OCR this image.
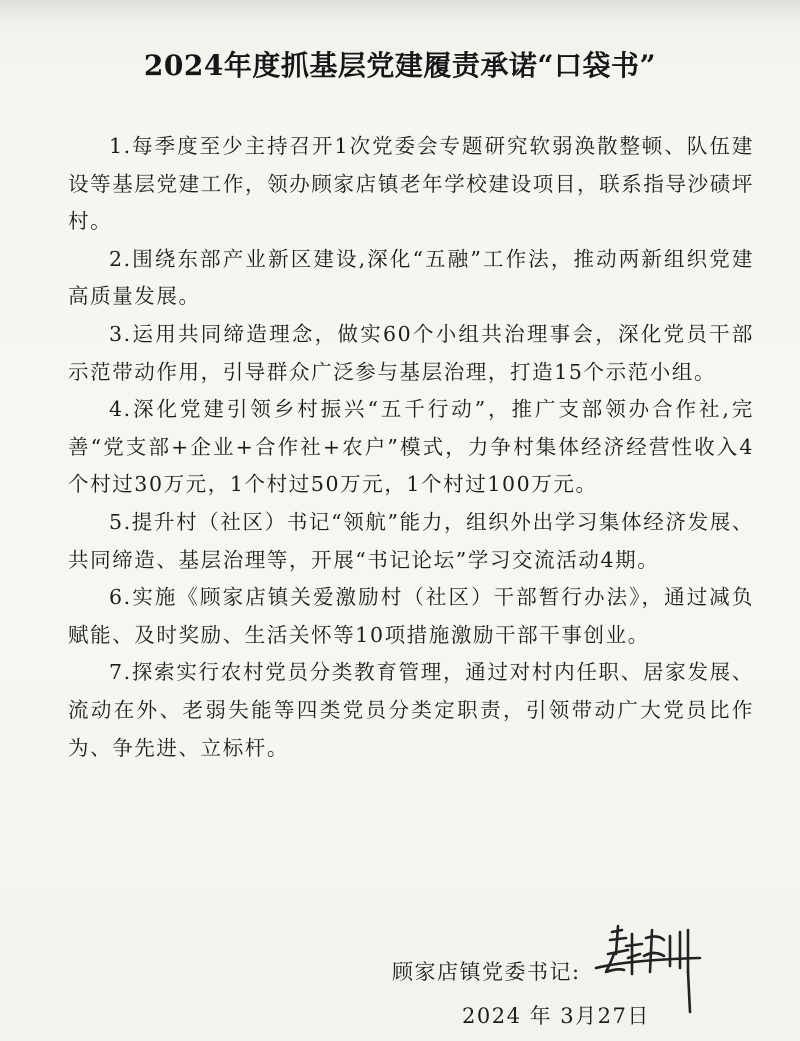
2024年度抓基层党建履责承诺“口袋书”

1.每季度至少主持召开1次党委会专题研究软弱涣散整顿、队伍建设等基层党建工作，领办顾家店镇老年学校建设项目，联系指导沙碛坪村。

2.围绕东部产业新区建设,深化“五融”工作法，推动两新组织党建高质量发展。

3.运用共同缔造理念，做实60个小组共治理事会，深化党员干部示范带动作用，引导群众广泛参与基层治理，打造15个示范小组。

4.深化党建引领乡村振兴“五千行动”，推广支部领办合作社,完善“党支部+企业+合作社+农户”模式，力争村集体经济经营性收入4个村过30万元，1个村过50万元，1个村过100万元。

5.提升村（社区）书记“领航”能力，组织外出学习集体经济发展、共同缔造、基层治理等，开展“书记论坛”学习交流活动4期。

6.实施《顾家店镇关爱激励村（社区）干部暂行办法》，通过减负赋能、及时奖励、生活关怀等10项措施激励干部干事创业。

7.探索实行农村党员分类教育管理，通过对村内任职、居家发展、流动在外、老弱失能等四类党员分类定职责，引领带动广大党员比作为、争先进、立标杆。

顾家店镇党委书记:
2024 年 3月27日
